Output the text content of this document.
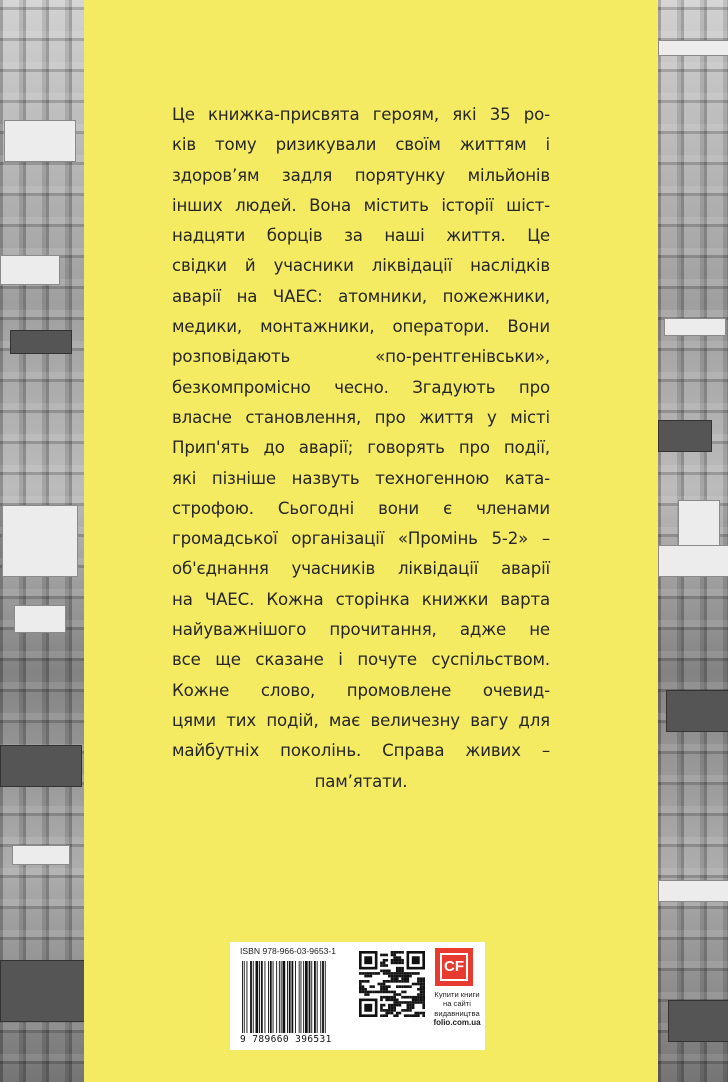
Це книжка-присвята героям, які 35 ро-
ків тому ризикували своїм життям і
здоров’ям задля порятунку мільйонів
інших людей. Вона містить історії шіст-
надцяти борців за наші життя. Це
свідки й учасники ліквідації наслідків
аварії на ЧАЕС: атомники, пожежники,
медики, монтажники, оператори. Вони
розповідають «по-рентгенівськи»,
безкомпромісно чесно. Згадують про
власне становлення, про життя у місті
Прип'ять до аварії; говорять про події,
які пізніше назвуть техногенною ката-
строфою. Сьогодні вони є членами
громадської організації «Промінь 5-2» –
об'єднання учасників ліквідації аварії
на ЧАЕС. Кожна сторінка книжки варта
найуважнішого прочитання, адже не
все ще сказане і почуте суспільством.
Кожне слово, промовлене очевид-
цями тих подій, має величезну вагу для
майбутніх поколінь. Справа живих –
пам’ятати.
ISBN 978-966-03-9653-1
9 789660 396531
CF
Купити книги
на сайті
видавництва
folio.com.ua
